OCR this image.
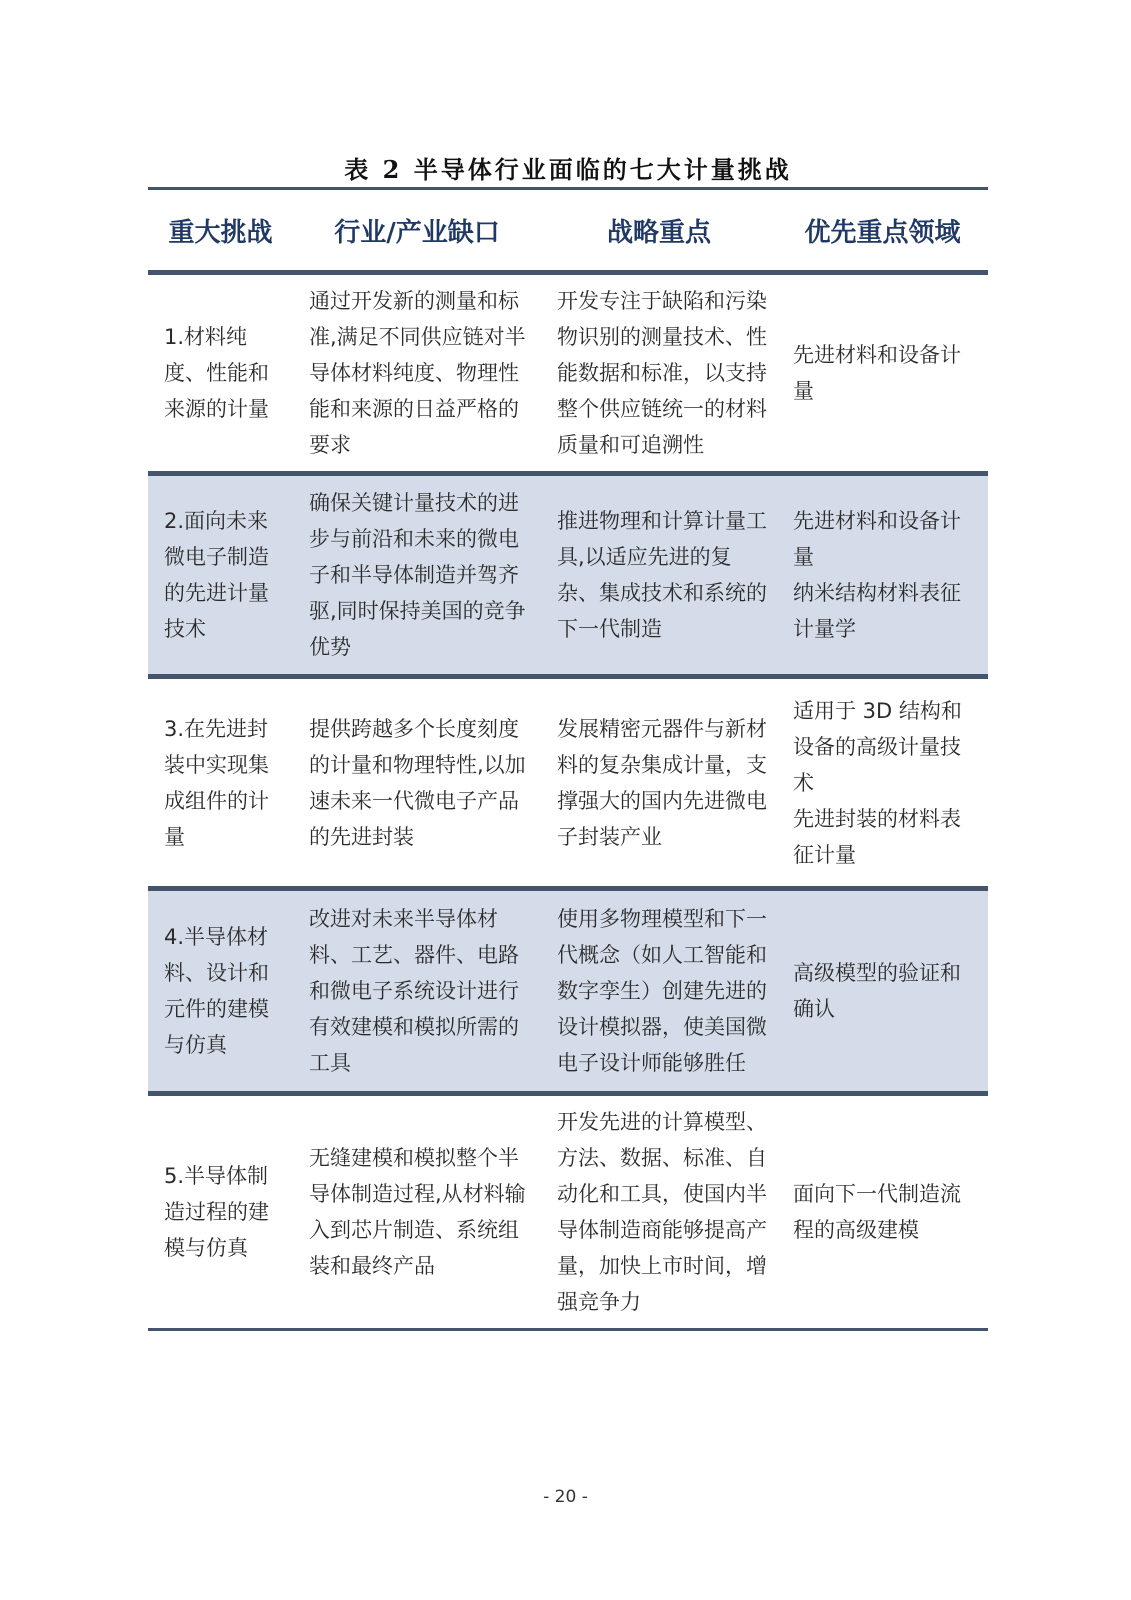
表 2 半导体行业面临的七大计量挑战
重大挑战	行业/产业缺口	战略重点	优先重点领域
1.材料纯度、性能和来源的计量	通过开发新的测量和标准,满足不同供应链对半导体材料纯度、物理性能和来源的日益严格的要求	开发专注于缺陷和污染物识别的测量技术、性能数据和标准，以支持整个供应链统一的材料质量和可追溯性	先进材料和设备计量

2.面向未来微电子制造的先进计量技术	确保关键计量技术的进步与前沿和未来的微电子和半导体制造并驾齐驱,同时保持美国的竞争优势	推进物理和计算计量工具,以适应先进的复杂、集成技术和系统的下一代制造	先进材料和设备计量
纳米结构材料表征计量学

3.在先进封装中实现集成组件的计量	提供跨越多个长度刻度的计量和物理特性,以加速未来一代微电子产品的先进封装	发展精密元器件与新材料的复杂集成计量，支撑强大的国内先进微电子封装产业	适用于 3D 结构和设备的高级计量技术
先进封装的材料表征计量

4.半导体材料、设计和元件的建模与仿真	改进对未来半导体材料、工艺、器件、电路和微电子系统设计进行有效建模和模拟所需的工具	使用多物理模型和下一代概念（如人工智能和数字孪生）创建先进的设计模拟器，使美国微电子设计师能够胜任	高级模型的验证和确认

5.半导体制造过程的建模与仿真	无缝建模和模拟整个半导体制造过程,从材料输入到芯片制造、系统组装和最终产品	开发先进的计算模型、方法、数据、标准、自动化和工具，使国内半导体制造商能够提高产量，加快上市时间，增强竞争力	面向下一代制造流程的高级建模
- 20 -
